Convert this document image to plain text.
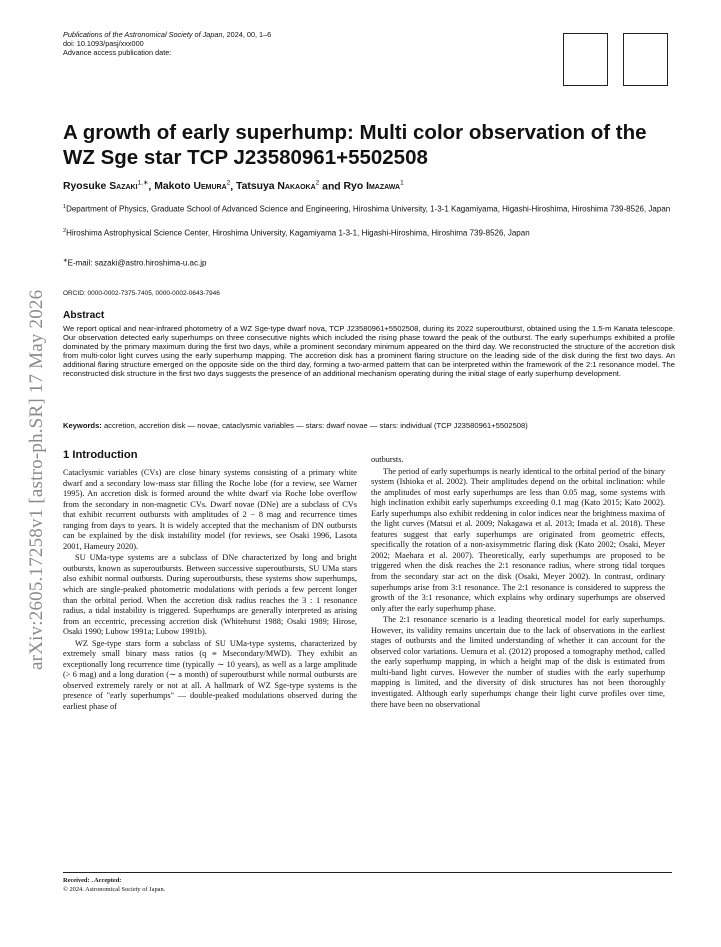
arXiv:2605.17258v1 [astro-ph.SR] 17 May 2026
Publications of the Astronomical Society of Japan, 2024, 00, 1–6
doi: 10.1093/pasj/xxx000
Advance access publication date:
A growth of early superhump: Multi color observation of the WZ Sge star TCP J23580961+5502508
Ryosuke Sazaki$^{1,∗}$, Makoto Uemura$^2$, Tatsuya Nakaoka$^2$ and Ryo Imazawa$^1$
$^1$Department of Physics, Graduate School of Advanced Science and Engineering, Hiroshima University, 1-3-1 Kagamiyama, Higashi-Hiroshima, Hiroshima 739-8526, Japan
$^2$Hiroshima Astrophysical Science Center, Hiroshima University, Kagamiyama 1-3-1, Higashi-Hiroshima, Hiroshima 739-8526, Japan
∗E-mail: sazaki@astro.hiroshima-u.ac.jp
ORCID: 0000-0002-7375-7405, 0000-0002-0643-7946
Abstract

We report optical and near-infrared photometry of a WZ Sge-type dwarf nova, TCP J23580961+5502508, during its 2022 superoutburst, obtained using the 1.5-m Kanata telescope. Our observation detected early superhumps on three consecutive nights which included the rising phase toward the peak of the outburst. The early superhumps exhibited a profile dominated by the primary maximum during the first two days, while a prominent secondary minimum appeared on the third day. We reconstructed the structure of the accretion disk from multi-color light curves using the early superhump mapping. The accretion disk has a prominent flaring structure on the leading side of the disk during the first two days. An additional flaring structure emerged on the opposite side on the third day, forming a two-armed pattern that can be interpreted within the framework of the 2:1 resonance model. The reconstructed disk structure in the first two days suggests the presence of an additional mechanism operating during the initial stage of early superhump development.

Keywords: accretion, accretion disk — novae, cataclysmic variables — stars: dwarf novae — stars: individual (TCP J23580961+5502508)
1 Introduction

Cataclysmic variables (CVs) are close binary systems consisting of a primary white dwarf and a secondary low-mass star filling the Roche lobe (for a review, see Warner 1995). An accretion disk is formed around the white dwarf via Roche lobe overflow from the secondary in non-magnetic CVs. Dwarf novae (DNe) are a subclass of CVs that exhibit recurrent outbursts with amplitudes of 2 − 8 mag and recurrence times ranging from days to years. It is widely accepted that the mechanism of DN outbursts can be explained by the disk instability model (for reviews, see Osaki 1996, Lasota 2001, Hameury 2020).

SU UMa-type systems are a subclass of DNe characterized by long and bright outbursts, known as superoutbursts. Between successive superoutbursts, SU UMa stars also exhibit normal outbursts. During superoutbursts, these systems show superhumps, which are single-peaked photometric modulations with periods a few percent longer than the orbital period. When the accretion disk radius reaches the 3 : 1 resonance radius, a tidal instability is triggered. Superhumps are generally interpreted as arising from an eccentric, precessing accretion disk (Whitehurst 1988; Osaki 1989; Hirose, Osaki 1990; Lubow 1991a; Lubow 1991b).

WZ Sge-type stars form a subclass of SU UMa-type systems, characterized by extremely small binary mass ratios (q ≡ Msecondary/MWD). They exhibit an exceptionally long recurrence time (typically ∼ 10 years), as well as a large amplitude (> 6 mag) and a long duration (∼ a month) of superoutburst while normal outbursts are observed extremely rarely or not at all. A hallmark of WZ Sge-type systems is the presence of "early superhumps" — double-peaked modulations observed during the earliest phase of

outbursts.

The period of early superhumps is nearly identical to the orbital period of the binary system (Ishioka et al. 2002). Their amplitudes depend on the orbital inclination: while the amplitudes of most early superhumps are less than 0.05 mag, some systems with high inclination exhibit early superhumps exceeding 0.1 mag (Kato 2015; Kato 2002). Early superhumps also exhibit reddening in color indices near the brightness maxima of the light curves (Matsui et al. 2009; Nakagawa et al. 2013; Imada et al. 2018). These features suggest that early superhumps are originated from geometric effects, specifically the rotation of a non-axisymmetric flaring disk (Kato 2002; Osaki, Meyer 2002; Maehara et al. 2007). Theoretically, early superhumps are proposed to be triggered when the disk reaches the 2:1 resonance radius, where strong tidal torques from the secondary star act on the disk (Osaki, Meyer 2002). In contrast, ordinary superhumps arise from 3:1 resonance. The 2:1 resonance is considered to suppress the growth of the 3:1 resonance, which explains why ordinary superhumps are observed only after the early superhump phase.

The 2:1 resonance scenario is a leading theoretical model for early superhumps. However, its validity remains uncertain due to the lack of observations in the earliest stages of outbursts and the limited understanding of whether it can account for the observed color variations. Uemura et al. (2012) proposed a tomography method, called the early superhump mapping, in which a height map of the disk is estimated from multi-band light curves. However the number of studies with the early superhump mapping is limited, and the diversity of disk structures has not been thoroughly investigated. Although early superhumps change their light curve profiles over time, there have been no observational

Received: . Accepted:
© 2024. Astronomical Society of Japan.
